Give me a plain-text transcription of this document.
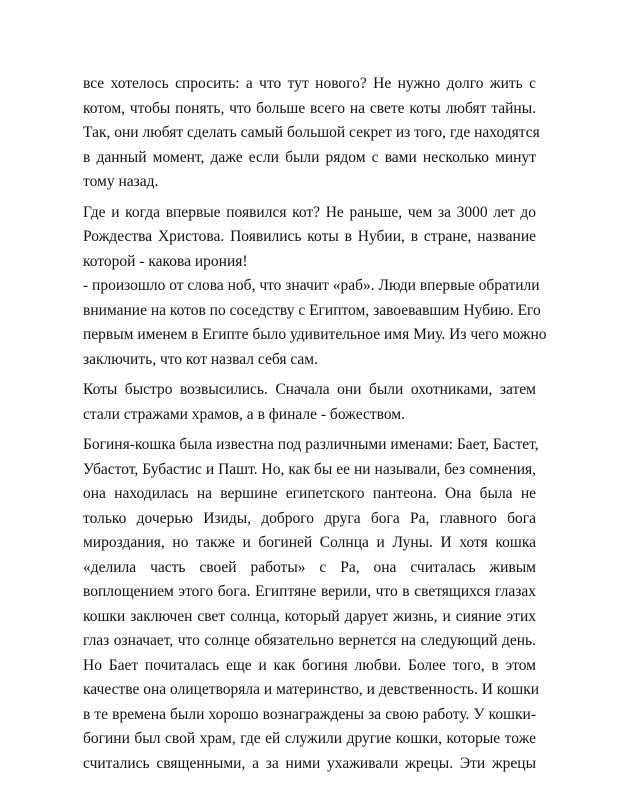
все хотелось спросить: а что тут нового? Не нужно долго жить с
котом, чтобы понять, что больше всего на свете коты любят тайны.
Так, они любят сделать самый большой секрет из того, где находятся
в данный момент, даже если были рядом с вами несколько минут
тому назад.

Где и когда впервые появился кот? Не раньше, чем за 3000 лет до
Рождества Христова. Появились коты в Нубии, в стране, название
которой - какова ирония!

- произошло от слова ноб, что значит «раб». Люди впервые обратили
внимание на котов по соседству с Египтом, завоевавшим Нубию. Его
первым именем в Египте было удивительное имя Миу. Из чего можно
заключить, что кот назвал себя сам.

Коты быстро возвысились. Сначала они были охотниками, затем
стали стражами храмов, а в финале - божеством.

Богиня-кошка была известна под различными именами: Бает, Бастет,
Убастот, Бубастис и Пашт. Но, как бы ее ни называли, без сомнения,
она находилась на вершине египетского пантеона. Она была не
только дочерью Изиды, доброго друга бога Ра, главного бога
мироздания, но также и богиней Солнца и Луны. И хотя кошка
«делила часть своей работы» с Ра, она считалась живым
воплощением этого бога. Египтяне верили, что в светящихся глазах
кошки заключен свет солнца, который дарует жизнь, и сияние этих
глаз означает, что солнце обязательно вернется на следующий день.
Но Бает почиталась еще и как богиня любви. Более того, в этом
качестве она олицетворяла и материнство, и девственность. И кошки
в те времена были хорошо вознаграждены за свою работу. У кошки-
богини был свой храм, где ей служили другие кошки, которые тоже
считались священными, а за ними ухаживали жрецы. Эти жрецы
